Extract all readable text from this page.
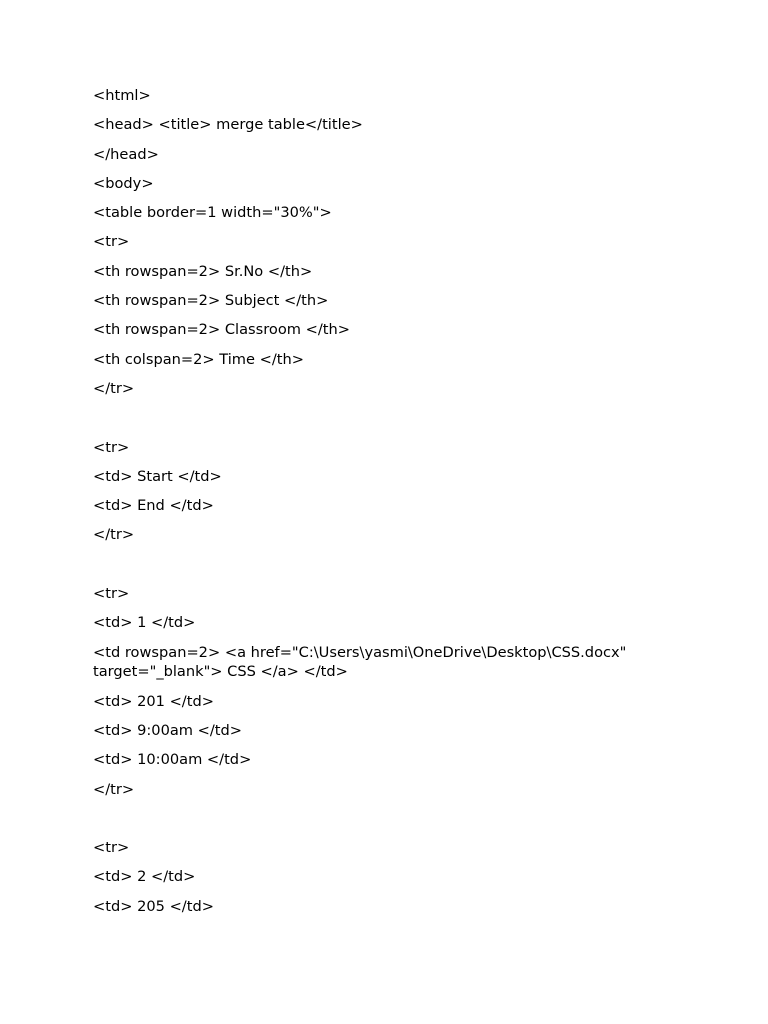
<html>
<head> <title> merge table</title>
</head>
<body>
<table border=1 width="30%">
<tr>
<th rowspan=2> Sr.No </th>
<th rowspan=2> Subject </th>
<th rowspan=2> Classroom </th>
<th colspan=2> Time </th>
</tr>
<tr>
<td> Start </td>
<td> End </td>
</tr>
<tr>
<td> 1 </td>
<td rowspan=2> <a href="C:\Users\yasmi\OneDrive\Desktop\CSS.docx" target="_blank"> CSS </a> </td>
<td> 201 </td>
<td> 9:00am </td>
<td> 10:00am </td>
</tr>
<tr>
<td> 2 </td>
<td> 205 </td>
